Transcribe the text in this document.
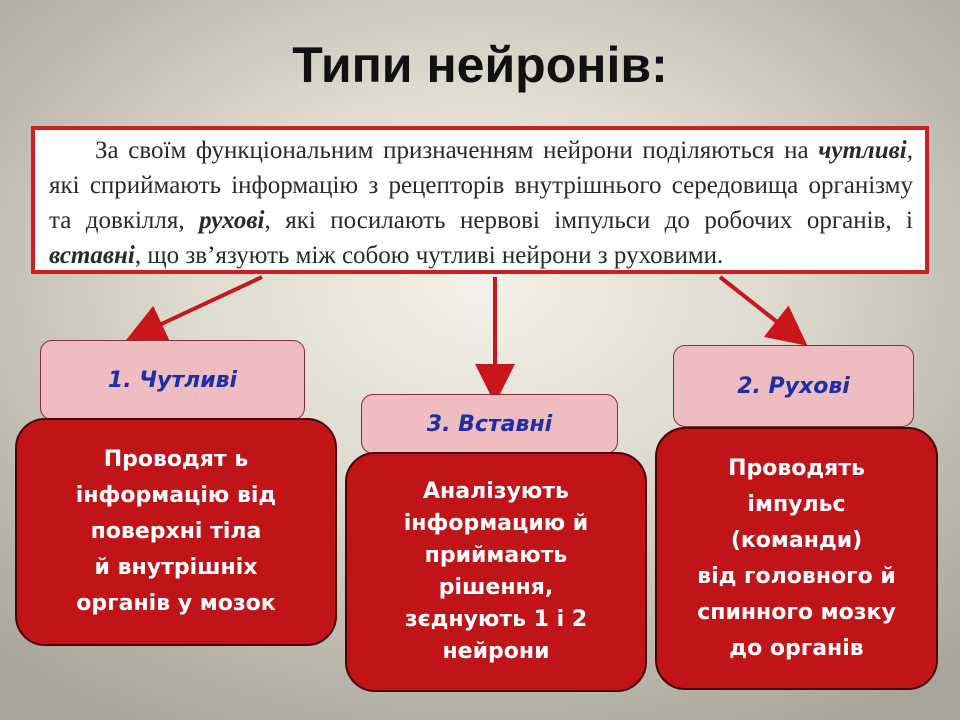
Типи нейронів:
За своїм функціональним призначенням нейрони поділяються на чутливі, які сприймають інформацію з рецепторів внутрішнього середовища організму та довкілля, рухові, які посилають нервові імпульси до робочих органів, і вставні, що зв’язують між собою чутливі нейрони з руховими.
1. Чутливі
Проводят ь
інформацію від
поверхні тіла
й внутрішніх
органів у мозок
3. Вставні
Аналізують
інформацию й
приймають
рішення,
зєднують 1 і 2
нейрони
2. Рухові
Проводять
імпульс
(команди)
від головного й
спинного мозку
до органів
